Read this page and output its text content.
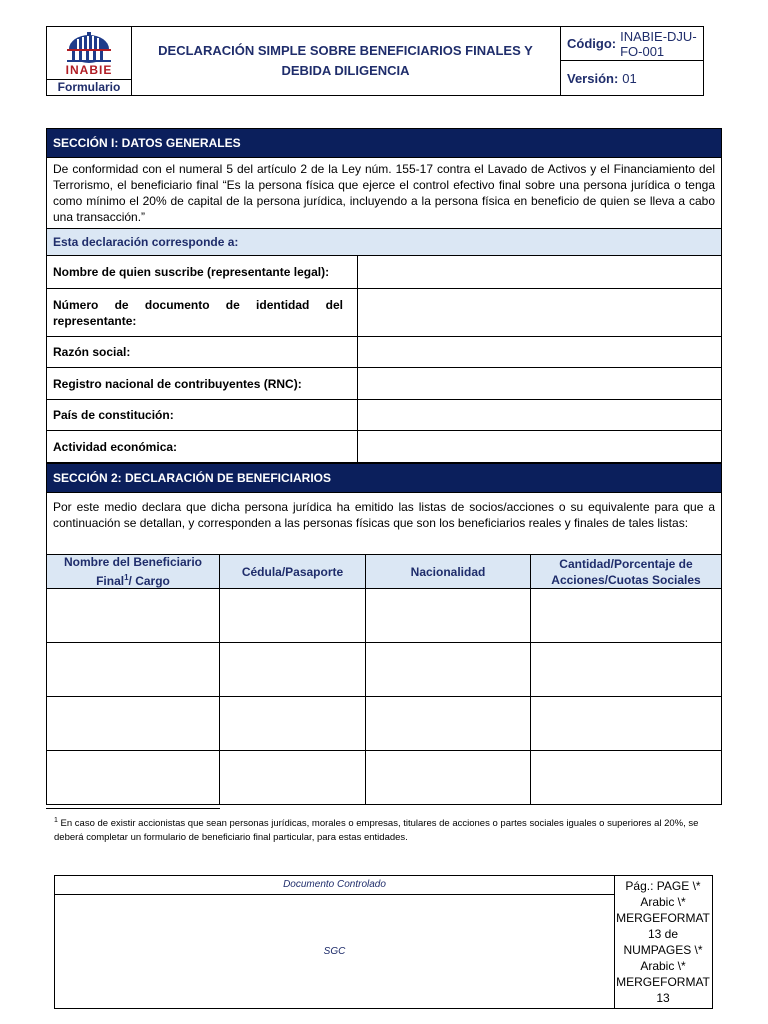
INABIE
Formulario
DECLARACIÓN SIMPLE SOBRE BENEFICIARIOS FINALES Y
DEBIDA DILIGENCIA
Código: INABIE-DJU-FO-001
Versión: 01
SECCIÓN I: DATOS GENERALES
De conformidad con el numeral 5 del artículo 2 de la Ley núm. 155-17 contra el Lavado de Activos y el Financiamiento del Terrorismo, el beneficiario final “Es la persona física que ejerce el control efectivo final sobre una persona jurídica o tenga como mínimo el 20% de capital de la persona jurídica, incluyendo a la persona física en beneficio de quien se lleva a cabo una transacción.”
Esta declaración corresponde a:
Nombre de quien suscribe (representante legal):
Número de documento de identidad del representante:
Razón social:
Registro nacional de contribuyentes (RNC):
País de constitución:
Actividad económica:
SECCIÓN 2: DECLARACIÓN DE BENEFICIARIOS
Por este medio declara que dicha persona jurídica ha emitido las listas de socios/acciones o su equivalente para que a continuación se detallan, y corresponden a las personas físicas que son los beneficiarios reales y finales de tales listas:
Nombre del Beneficiario
Final$^1$/ Cargo
Cédula/Pasaporte	Nacionalidad
Cantidad/Porcentaje de
Acciones/Cuotas Sociales
$^1$ En caso de existir accionistas que sean personas jurídicas, morales o empresas, titulares de acciones o partes sociales iguales o superiores al 20%, se deberá completar un formulario de beneficiario final particular, para estas entidades.
Documento Controlado
SGC
Pág.: PAGE \* Arabic \* MERGEFORMAT 13 de NUMPAGES \* Arabic \* MERGEFORMAT 13
